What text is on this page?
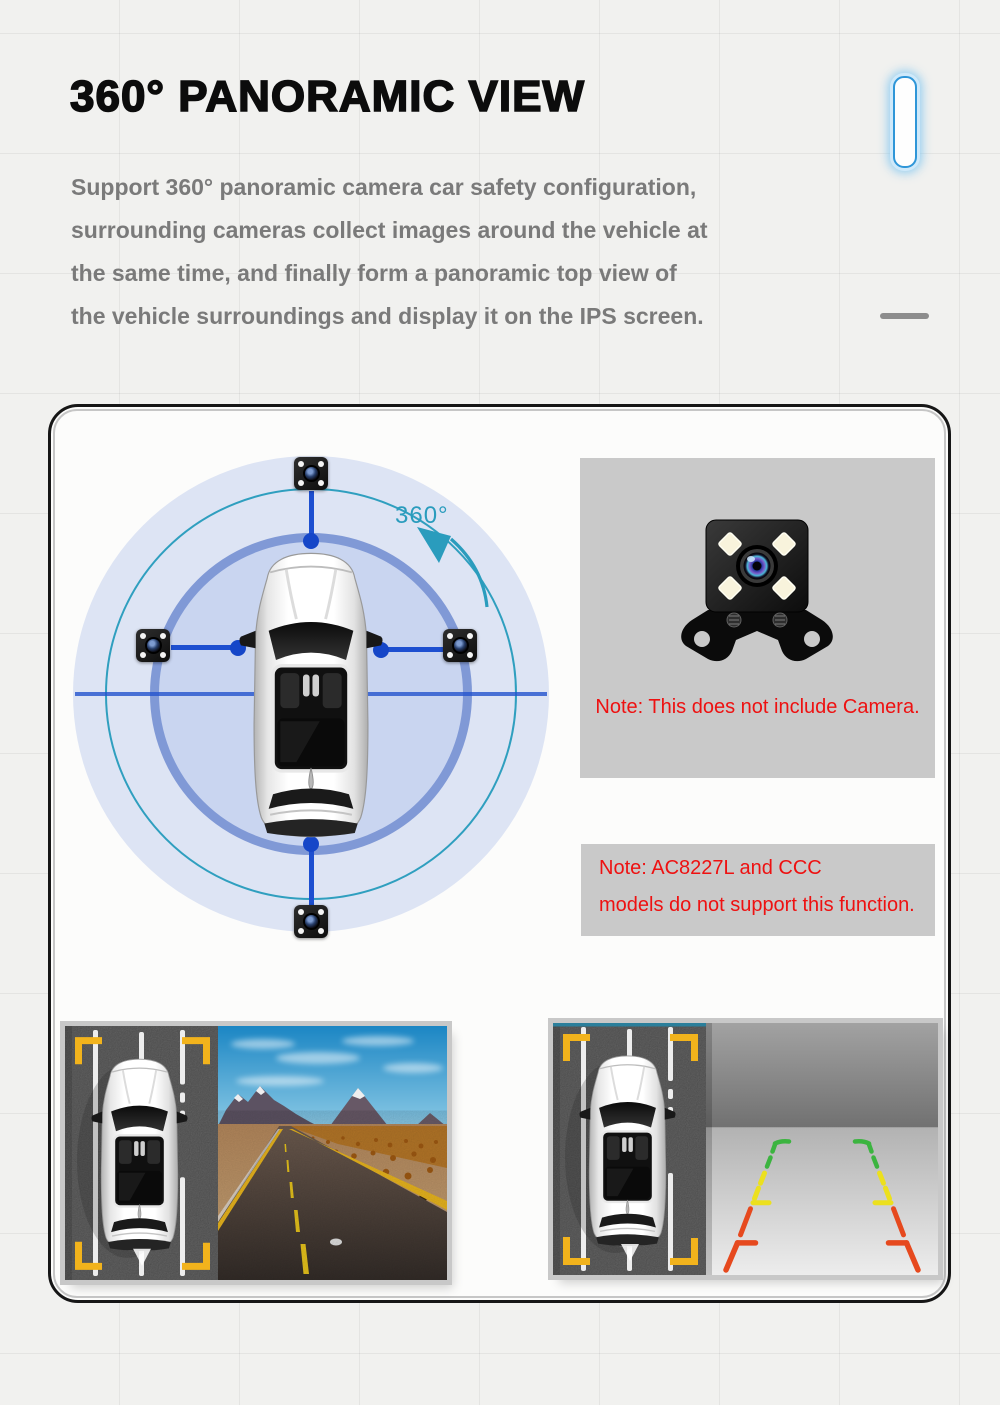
360° PANORAMIC VIEW
Support 360° panoramic camera car safety configuration,
surrounding cameras collect images around the vehicle at
the same time, and finally form a panoramic top view of
the vehicle surroundings and display it on the IPS screen.
360°
Note: This does not include Camera.
Note: AC8227L and CCC
models do not support this function.
